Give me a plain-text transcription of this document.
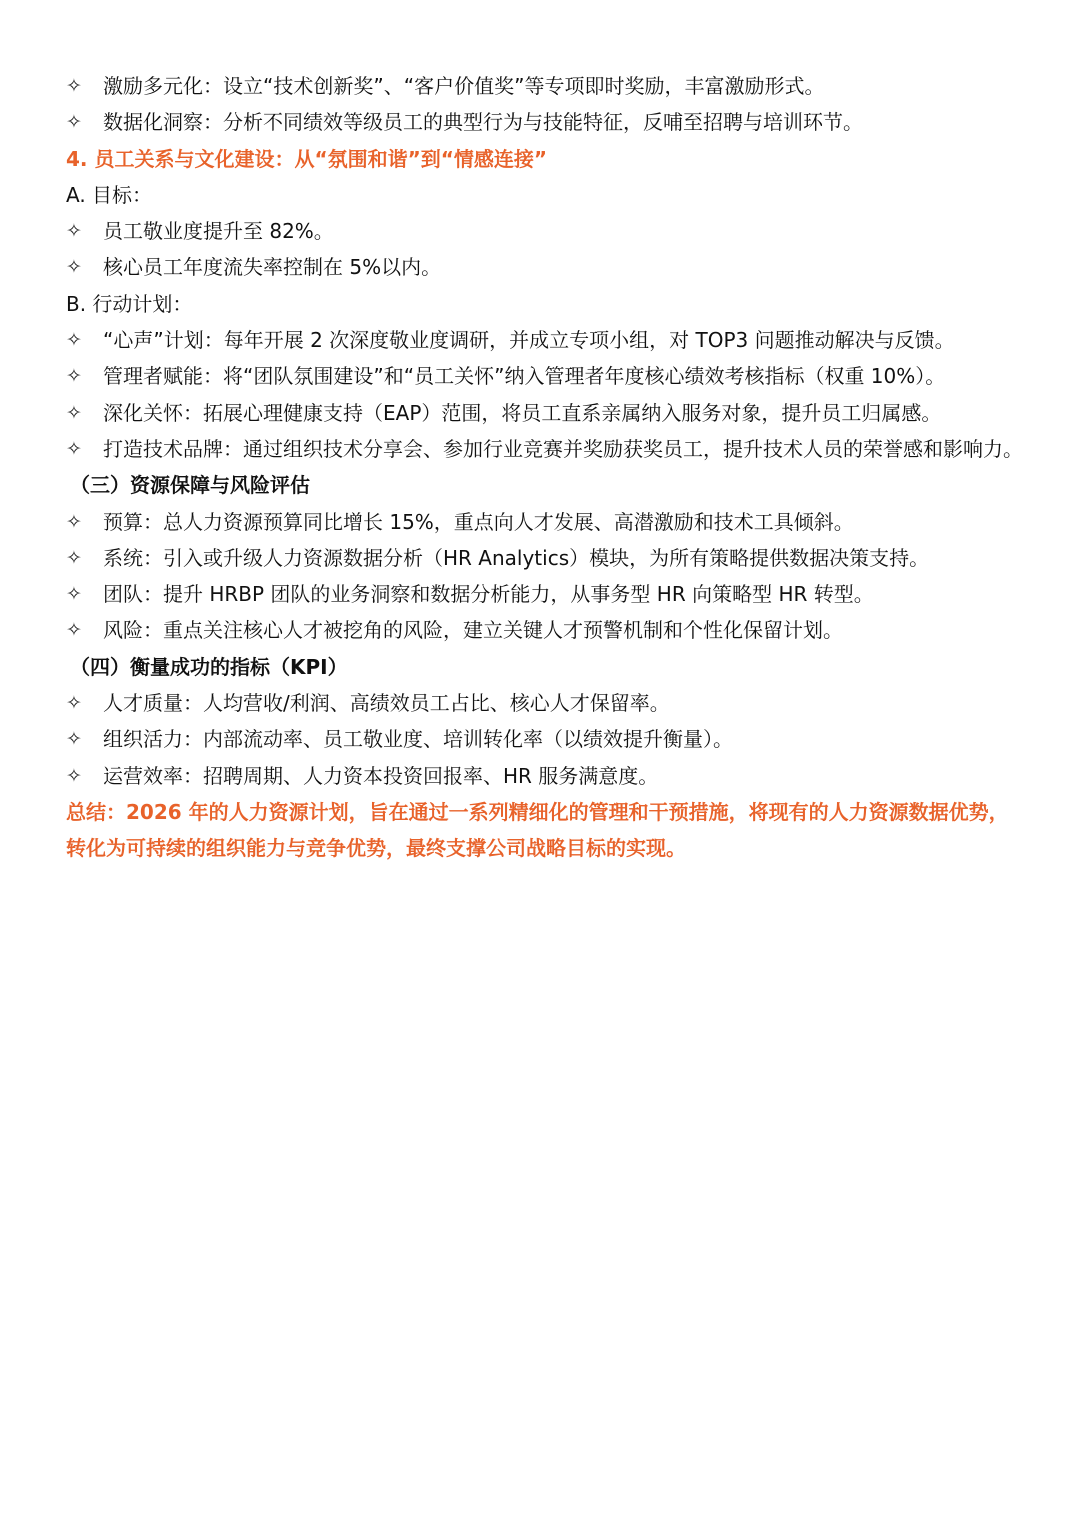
✧	激励多元化：设立“技术创新奖”、“客户价值奖”等专项即时奖励，丰富激励形式。
✧	数据化洞察：分析不同绩效等级员工的典型行为与技能特征，反哺至招聘与培训环节。
4. 员工关系与文化建设：从“氛围和谐”到“情感连接”
A. 目标：
✧	员工敬业度提升至 82%。
✧	核心员工年度流失率控制在 5%以内。
B. 行动计划：
✧	“心声”计划：每年开展 2 次深度敬业度调研，并成立专项小组，对 TOP3 问题推动解决与反馈。
✧	管理者赋能：将“团队氛围建设”和“员工关怀”纳入管理者年度核心绩效考核指标（权重 10%）。
✧	深化关怀：拓展心理健康支持（EAP）范围，将员工直系亲属纳入服务对象，提升员工归属感。
✧	打造技术品牌：通过组织技术分享会、参加行业竞赛并奖励获奖员工，提升技术人员的荣誉感和影响力。
（三）资源保障与风险评估
✧	预算：总人力资源预算同比增长 15%，重点向人才发展、高潜激励和技术工具倾斜。
✧	系统：引入或升级人力资源数据分析（HR Analytics）模块，为所有策略提供数据决策支持。
✧	团队：提升 HRBP 团队的业务洞察和数据分析能力，从事务型 HR 向策略型 HR 转型。
✧	风险：重点关注核心人才被挖角的风险，建立关键人才预警机制和个性化保留计划。
（四）衡量成功的指标（KPI）
✧	人才质量：人均营收/利润、高绩效员工占比、核心人才保留率。
✧	组织活力：内部流动率、员工敬业度、培训转化率（以绩效提升衡量）。
✧	运营效率：招聘周期、人力资本投资回报率、HR 服务满意度。
总结：2026 年的人力资源计划，旨在通过一系列精细化的管理和干预措施，将现有的人力资源数据优势，转化为可持续的组织能力与竞争优势，最终支撑公司战略目标的实现。
